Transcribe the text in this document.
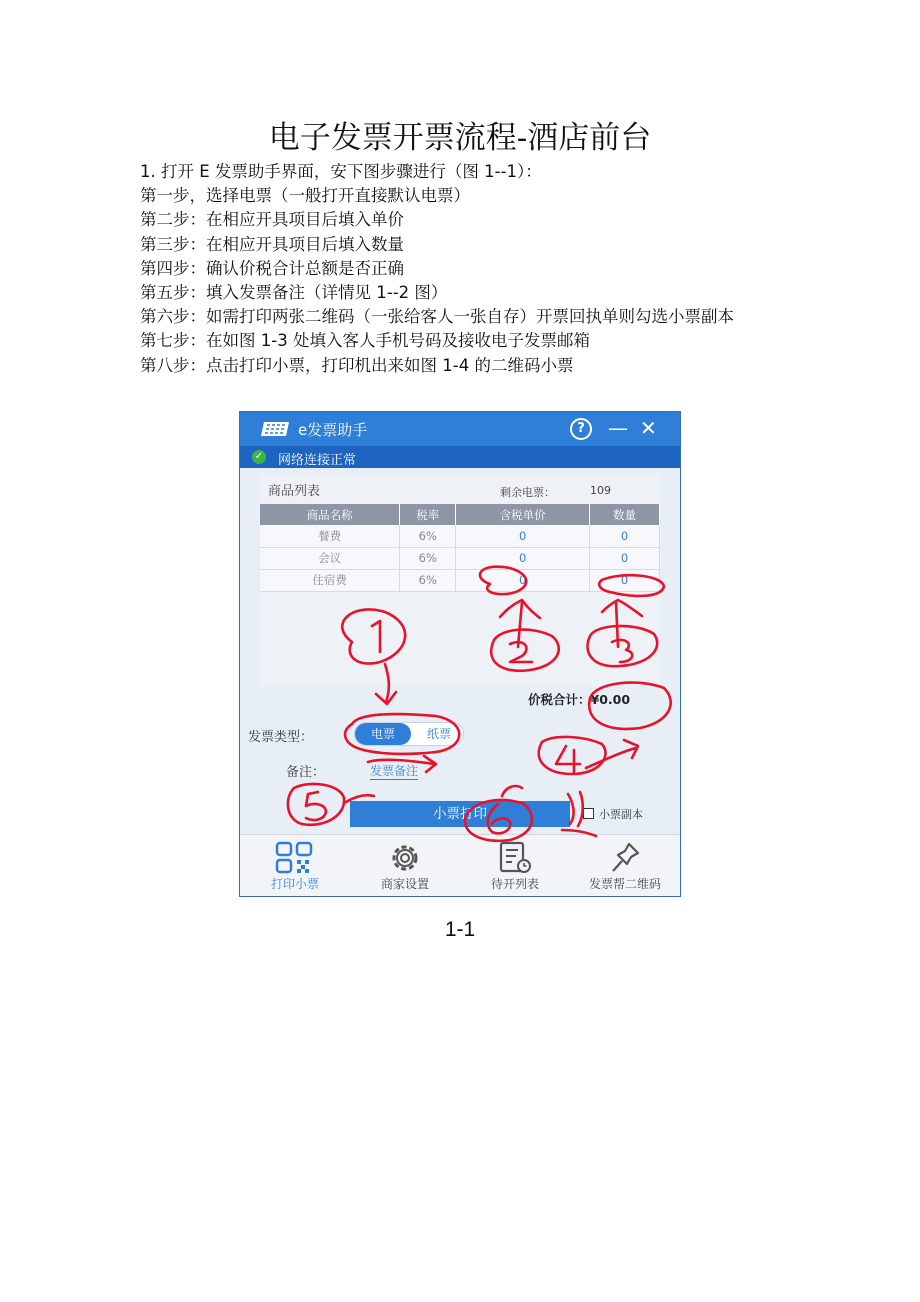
电子发票开票流程-酒店前台
1. 打开 E 发票助手界面，安下图步骤进行（图 1--1）：
第一步，选择电票（一般打开直接默认电票）
第二步：在相应开具项目后填入单价
第三步：在相应开具项目后填入数量
第四步：确认价税合计总额是否正确
第五步：填入发票备注（详情见 1--2 图）
第六步：如需打印两张二维码（一张给客人一张自存）开票回执单则勾选小票副本
第七步：在如图 1-3 处填入客人手机号码及接收电子发票邮箱
第八步：点击打印小票，打印机出来如图 1-4 的二维码小票
e发票助手	?	— ✕
✓ 网络连接正常
商品列表	剩余电票：	109
商品名称	税率	含税单价	数量
餐费	6%	0	0
会议	6%	0	0
住宿费	6%	0	0
价税合计：¥0.00
发票类型：	电票	纸票
备注：	发票备注
小票打印	小票副本
打印小票	商家设置	待开列表	发票帮二维码
1-1
